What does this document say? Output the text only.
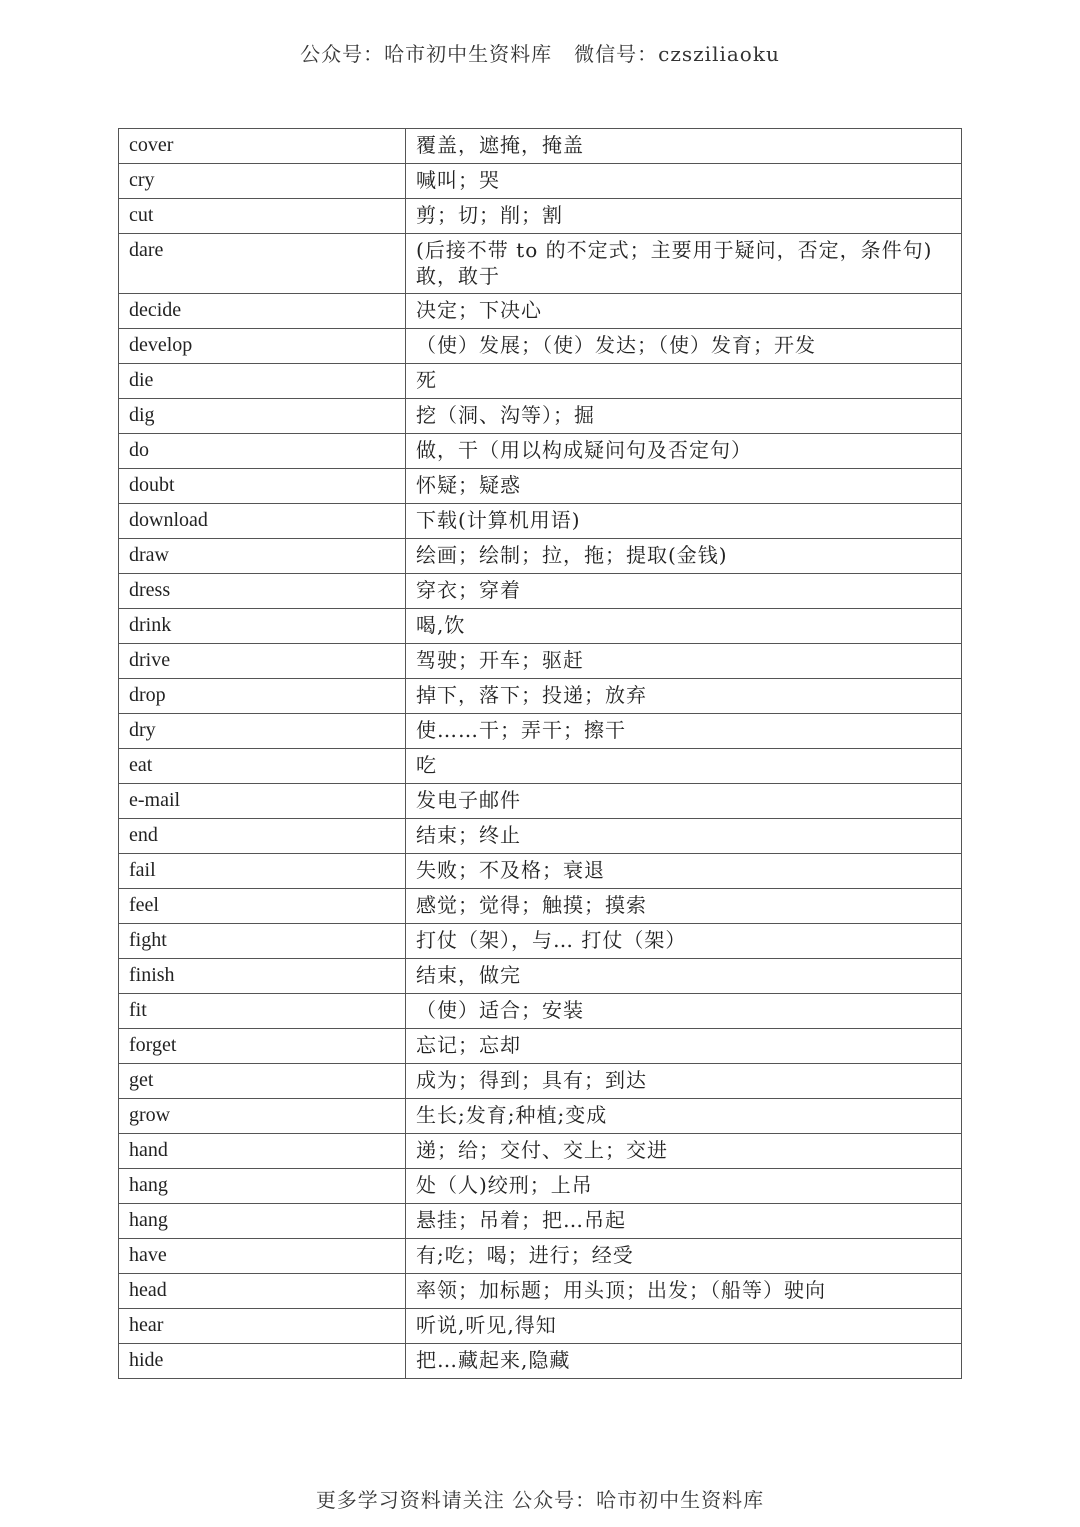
公众号：哈市初中生资料库 微信号：czsziliaoku
cover	覆盖，遮掩，掩盖
cry	喊叫；哭
cut	剪；切；削；割
dare	(后接不带 to 的不定式；主要用于疑问，否定，条件句) 敢，敢于
decide	决定；下决心
develop	（使）发展；（使）发达；（使）发育；开发
die	死
dig	挖（洞、沟等）；掘
do	做，干（用以构成疑问句及否定句）
doubt	怀疑；疑惑
download	下载(计算机用语)
draw	绘画；绘制；拉，拖；提取(金钱)
dress	穿衣；穿着
drink	喝,饮
drive	驾驶；开车；驱赶
drop	掉下，落下；投递；放弃
dry	使……干；弄干；擦干
eat	吃
e-mail	发电子邮件
end	结束；终止
fail	失败；不及格；衰退
feel	感觉；觉得；触摸；摸索
fight	打仗（架），与… 打仗（架）
finish	结束，做完
fit	（使）适合；安装
forget	忘记；忘却
get	成为；得到；具有；到达
grow	生长;发育;种植;变成
hand	递；给；交付、交上；交进
hang	处（人)绞刑；上吊
hang	悬挂；吊着；把…吊起
have	有;吃；喝；进行；经受
head	率领；加标题；用头顶；出发；（船等）驶向
hear	听说,听见,得知
hide	把…藏起来,隐藏
更多学习资料请关注 公众号：哈市初中生资料库
